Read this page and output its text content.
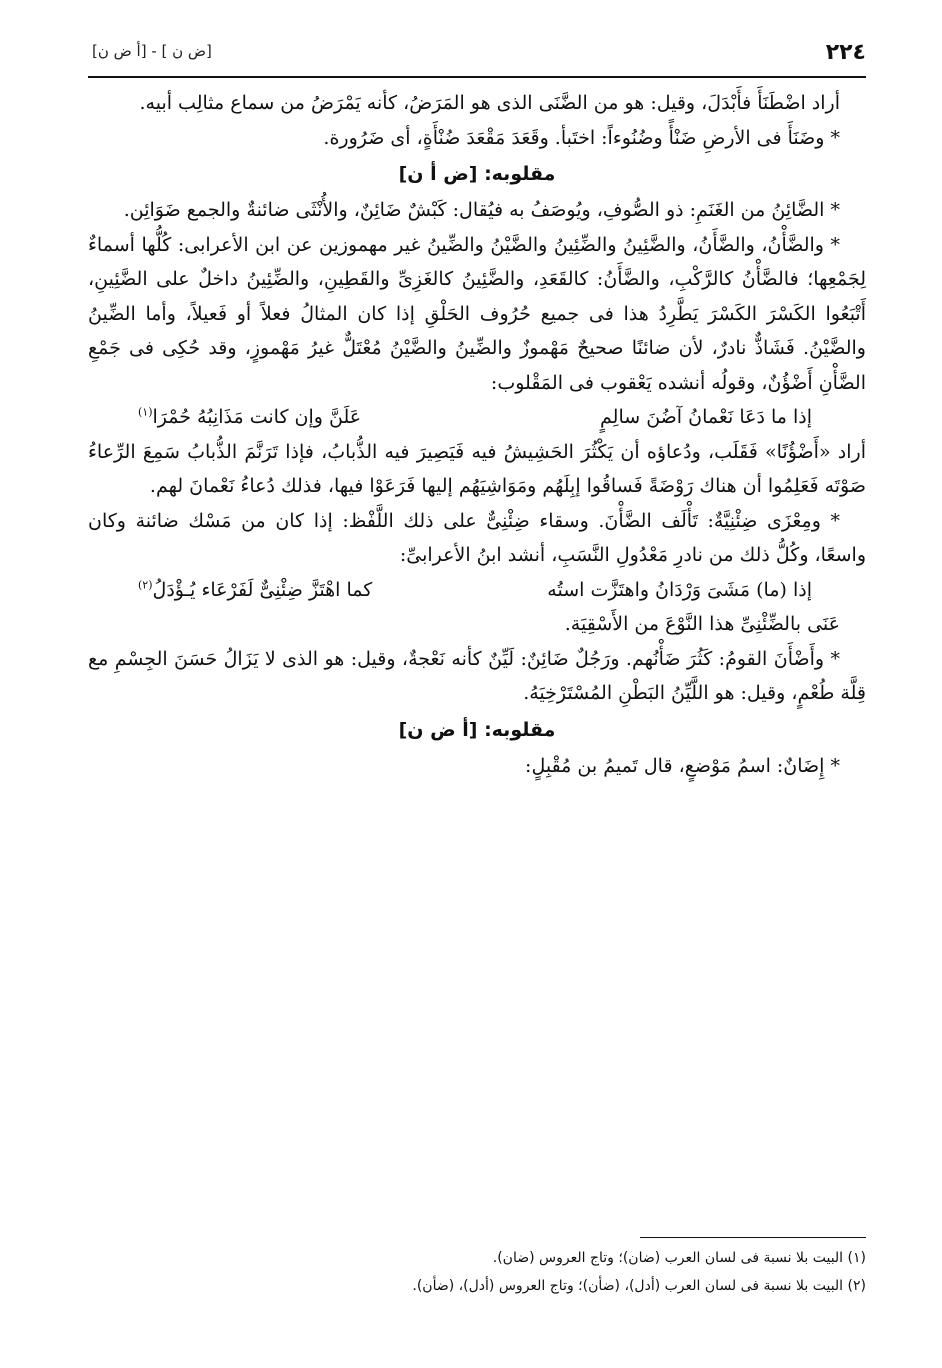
٢٢٤
[ض ن ] - [أ ض ن]

أراد اضْطَنَأَ فأَبْدَلَ، وقيل: هو من الضَّنَى الذى هو المَرَضُ، كأنه يَمْرَضُ من سماع مثالِب أبيه.

* وضَنَأَ فى الأرضِ ضَنْأً وضُنُوءاً: اختَبأ. وقَعَدَ مَقْعَدَ ضُنْأَةٍ، أى ضَرُورة.

مقلوبه: [ض أ ن]

* الضَّائِنُ من الغَنَمِ: ذو الصُّوفِ، ويُوصَفُ به فيُقال: كَبْشٌ ضَائِنٌ، والأُنْثَى ضائنةٌ والجمع ضَوَائِن.

* والضَّأْنُ، والضَّأَنُ، والضَّئِينُ والضِّئِينُ والضَّيْنُ والضِّينُ غير مهموزين عن ابن الأعرابى: كُلُّها أسماءٌ لِجَمْعِها؛ فالضَّأْنُ كالرَّكْبِ، والضَّأَنُ: كالقَعَدِ، والضَّئِينُ كالغَزِىِّ والقَطِينِ، والضِّئِينُ داخلٌ على الضَّئِينِ، أَتْبَعُوا الكَسْرَ الكَسْرَ يَطَّرِدُ هذا فى جميع حُرُوف الحَلْقِ إذا كان المثالُ فعلاً أو فَعيلاً، وأما الضِّينُ والضَّيْنُ. فَشَاذٌّ نادرٌ، لأن ضائنًا صحيحٌ مَهْموزٌ والضِّينُ والضَّيْنُ مُعْتَلٌّ غيرُ مَهْموزٍ، وقد حُكِى فى جَمْعِ الضَّأْنِ أَضْؤُنٌ، وقولُه أنشده يَعْقوب فى المَقْلوب:

إذا ما دَعَا نَعْمانُ آضُنَ سالِمٍ
عَلَنَّ وإن كانت مَذَانِبُهُ حُمْرَا$^{(١)}$

أراد «أَضْؤُنًا» فَقَلَب، ودُعاؤه أن يَكْثُرَ الحَشِيشُ فيه فَيَصِيرَ فيه الذُّبابُ، فإذا تَرَنَّمَ الذُّبابُ سَمِعَ الرِّعاءُ صَوْتَه فَعَلِمُوا أن هناك رَوْضَةً فَساقُوا إبِلَهُم ومَوَاشِيَهُم إليها فَرَعَوْا فيها، فذلك دُعاءُ نَعْمانَ لهم.

* ومِعْزَى ضِئْنِيَّةٌ: تَأْلَف الضَّأْنَ. وسقاء ضِئْنِىٌّ على ذلك اللَّفْظ: إذا كان من مَسْك ضائنة وكان واسعًا، وكُلُّ ذلك من نادرِ مَعْدُولِ النَّسَبِ، أنشد ابنُ الأعرابىِّ:

إذا (ما) مَشَىَ وَرْدَانُ واهتَزَّت استُه
كما اهْتَزَّ ضِئْنِىٌّ لَفَرْعَاء يُـؤْدَلُ$^{(٢)}$

عَنَى بالضِّئْنِىِّ هذا النَّوْعَ من الأَسْقِيَة.

* وأَضْأَنَ القومُ: كَثُرَ ضَأْنُهم. ورَجُلٌ ضَائِنٌ: لَيِّنٌ كأنه نَعْجةٌ، وقيل: هو الذى لا يَزَالُ حَسَنَ الجِسْمِ مع قِلَّة طُعْمٍ، وقيل: هو اللَّيِّنُ البَطْنِ المُسْتَرْخِيَهُ.

مقلوبه: [أ ض ن]

* إِضَانٌ: اسمُ مَوْضعٍ، قال تَميمُ بن مُقْبِلٍ:

(١) البيت بلا نسبة فى لسان العرب (ضان)؛ وتاج العروس (ضان).

(٢) البيت بلا نسبة فى لسان العرب (أدل)، (ضأن)؛ وتاج العروس (أدل)، (ضأن).
